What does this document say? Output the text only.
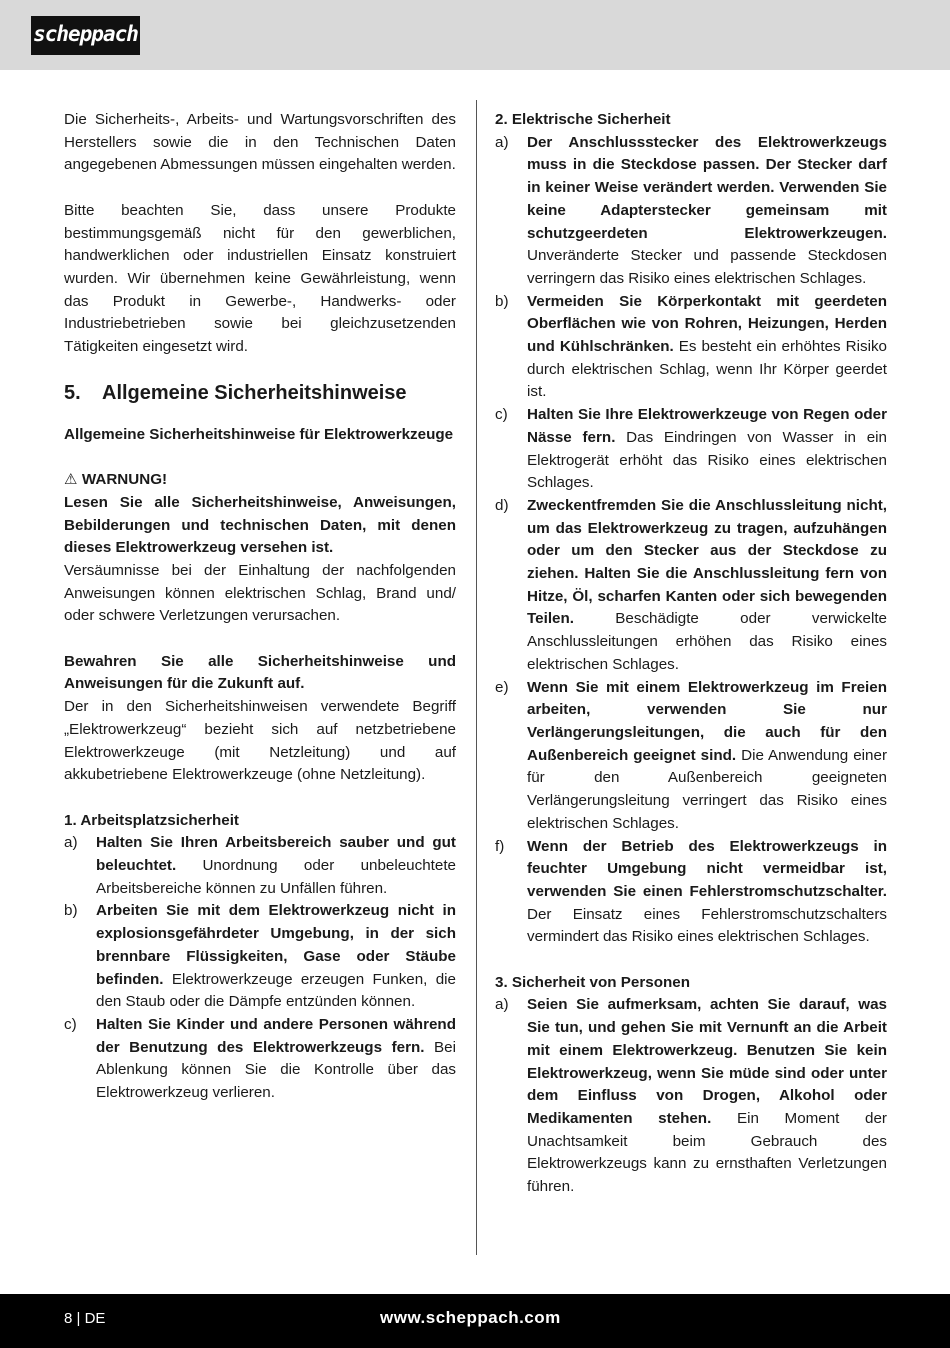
scheppach

Die Sicherheits-, Arbeits- und Wartungsvorschriften des Herstellers sowie die in den Technischen Daten angegebenen Abmessungen müssen eingehalten werden.

Bitte beachten Sie, dass unsere Produkte bestimmungsgemäß nicht für den gewerblichen, handwerklichen oder industriellen Einsatz konstruiert wurden. Wir übernehmen keine Gewährleistung, wenn das Produkt in Gewerbe-, Handwerks- oder Industriebetrieben sowie bei gleichzusetzenden Tätigkeiten eingesetzt wird.

5.	Allgemeine Sicherheitshinweise

Allgemeine Sicherheitshinweise für Elektrowerkzeuge

⚠ WARNUNG!

Lesen Sie alle Sicherheitshinweise, Anweisungen, Bebilderungen und technischen Daten, mit denen dieses Elektrowerkzeug versehen ist.

Versäumnisse bei der Einhaltung der nachfolgenden Anweisungen können elektrischen Schlag, Brand und/ oder schwere Verletzungen verursachen.

Bewahren Sie alle Sicherheitshinweise und Anweisungen für die Zukunft auf.

Der in den Sicherheitshinweisen verwendete Begriff „Elektrowerkzeug“ bezieht sich auf netzbetriebene Elektrowerkzeuge (mit Netzleitung) und auf akkubetriebene Elektrowerkzeuge (ohne Netzleitung).

1. Arbeitsplatzsicherheit

a)	Halten Sie Ihren Arbeitsbereich sauber und gut beleuchtet. Unordnung oder unbeleuchtete Arbeitsbereiche können zu Unfällen führen.
b)	Arbeiten Sie mit dem Elektrowerkzeug nicht in explosionsgefährdeter Umgebung, in der sich brennbare Flüssigkeiten, Gase oder Stäube befinden. Elektrowerkzeuge erzeugen Funken, die den Staub oder die Dämpfe entzünden können.
c)	Halten Sie Kinder und andere Personen während der Benutzung des Elektrowerkzeugs fern. Bei Ablenkung können Sie die Kontrolle über das Elektrowerkzeug verlieren.

2. Elektrische Sicherheit

a)	Der Anschlussstecker des Elektrowerkzeugs muss in die Steckdose passen. Der Stecker darf in keiner Weise verändert werden. Verwenden Sie keine Adapterstecker gemeinsam mit schutzgeerdeten Elektrowerkzeugen. Unveränderte Stecker und passende Steckdosen verringern das Risiko eines elektrischen Schlages.
b)	Vermeiden Sie Körperkontakt mit geerdeten Oberflächen wie von Rohren, Heizungen, Herden und Kühlschränken. Es besteht ein erhöhtes Risiko durch elektrischen Schlag, wenn Ihr Körper geerdet ist.
c)	Halten Sie Ihre Elektrowerkzeuge von Regen oder Nässe fern. Das Eindringen von Wasser in ein Elektrogerät erhöht das Risiko eines elektrischen Schlages.
d)	Zweckentfremden Sie die Anschlussleitung nicht, um das Elektrowerkzeug zu tragen, aufzuhängen oder um den Stecker aus der Steckdose zu ziehen. Halten Sie die Anschlussleitung fern von Hitze, Öl, scharfen Kanten oder sich bewegenden Teilen. Beschädigte oder verwickelte Anschlussleitungen erhöhen das Risiko eines elektrischen Schlages.
e)	Wenn Sie mit einem Elektrowerkzeug im Freien arbeiten, verwenden Sie nur Verlängerungsleitungen, die auch für den Außenbereich geeignet sind. Die Anwendung einer für den Außenbereich geeigneten Verlängerungsleitung verringert das Risiko eines elektrischen Schlages.
f)	Wenn der Betrieb des Elektrowerkzeugs in feuchter Umgebung nicht vermeidbar ist, verwenden Sie einen Fehlerstromschutzschalter. Der Einsatz eines Fehlerstromschutzschalters vermindert das Risiko eines elektrischen Schlages.

3. Sicherheit von Personen

a)	Seien Sie aufmerksam, achten Sie darauf, was Sie tun, und gehen Sie mit Vernunft an die Arbeit mit einem Elektrowerkzeug. Benutzen Sie kein Elektrowerkzeug, wenn Sie müde sind oder unter dem Einfluss von Drogen, Alkohol oder Medikamenten stehen. Ein Moment der Unachtsamkeit beim Gebrauch des Elektrowerkzeugs kann zu ernsthaften Verletzungen führen.
8 | DE	www.scheppach.com
